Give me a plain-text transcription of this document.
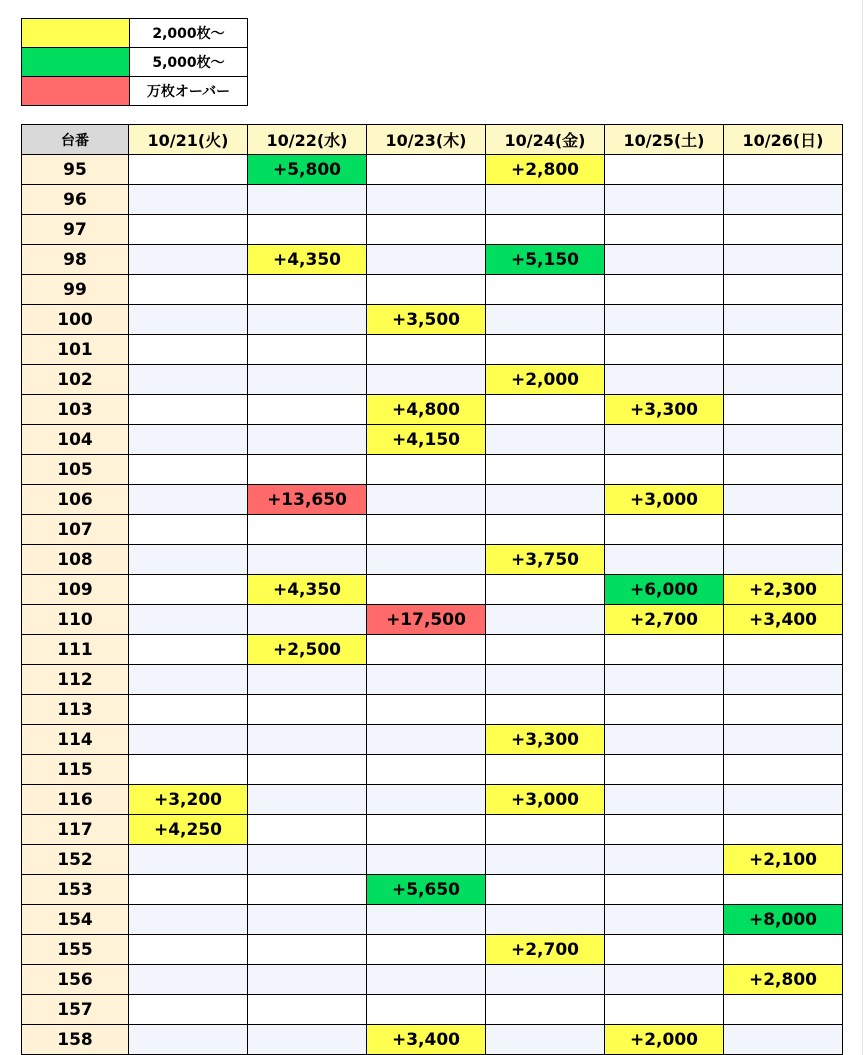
	2,000枚～
	5,000枚～
	万枚オーバー
台番	10/21(火)	10/22(水)	10/23(木)	10/24(金)	10/25(土)	10/26(日)
95		+5,800		+2,800		
96						
97						
98		+4,350		+5,150		
99						
100			+3,500			
101						
102				+2,000		
103			+4,800		+3,300	
104			+4,150			
105						
106		+13,650			+3,000	
107						
108				+3,750		
109		+4,350			+6,000	+2,300
110			+17,500		+2,700	+3,400
111		+2,500				
112						
113						
114				+3,300		
115						
116	+3,200			+3,000		
117	+4,250					
152						+2,100
153			+5,650			
154						+8,000
155				+2,700		
156						+2,800
157						
158			+3,400		+2,000	
